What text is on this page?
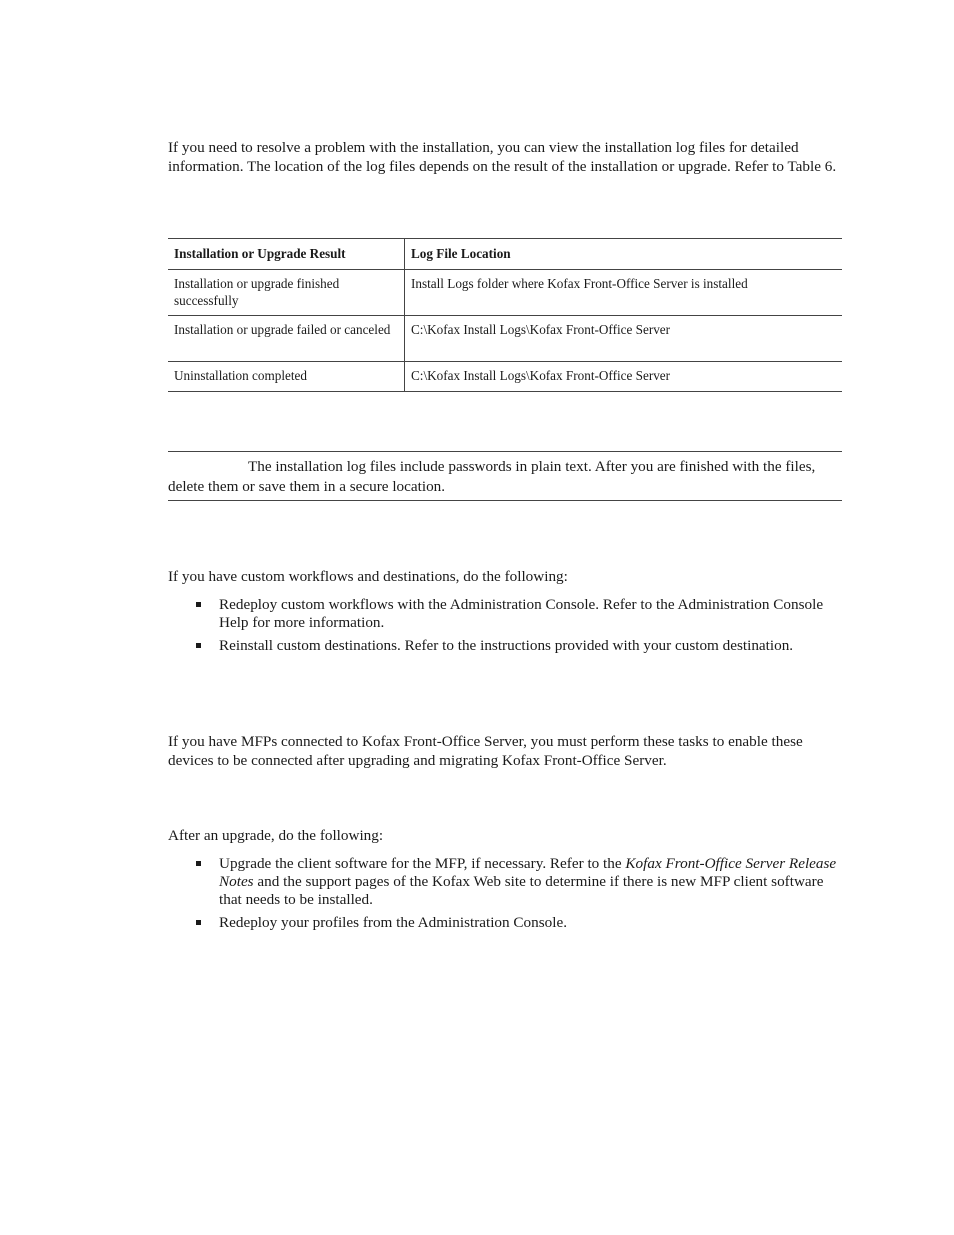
If you need to resolve a problem with the installation, you can view the installation log files for detailed information. The location of the log files depends on the result of the installation or upgrade. Refer to Table 6.

Installation or Upgrade Result	Log File Location
Installation or upgrade finished successfully	Install Logs folder where Kofax Front-Office Server is installed
Installation or upgrade failed or canceled	C:\Kofax Install Logs\Kofax Front-Office Server
Uninstallation completed	C:\Kofax Install Logs\Kofax Front-Office Server
The installation log files include passwords in plain text. After you are finished with the files, delete them or save them in a secure location.

If you have custom workflows and destinations, do the following:

Redeploy custom workflows with the Administration Console. Refer to the Administration Console Help for more information.
Reinstall custom destinations. Refer to the instructions provided with your custom destination.

If you have MFPs connected to Kofax Front-Office Server, you must perform these tasks to enable these devices to be connected after upgrading and migrating Kofax Front-Office Server.

After an upgrade, do the following:

Upgrade the client software for the MFP, if necessary. Refer to the Kofax Front-Office Server Release Notes and the support pages of the Kofax Web site to determine if there is new MFP client software that needs to be installed.
Redeploy your profiles from the Administration Console.
